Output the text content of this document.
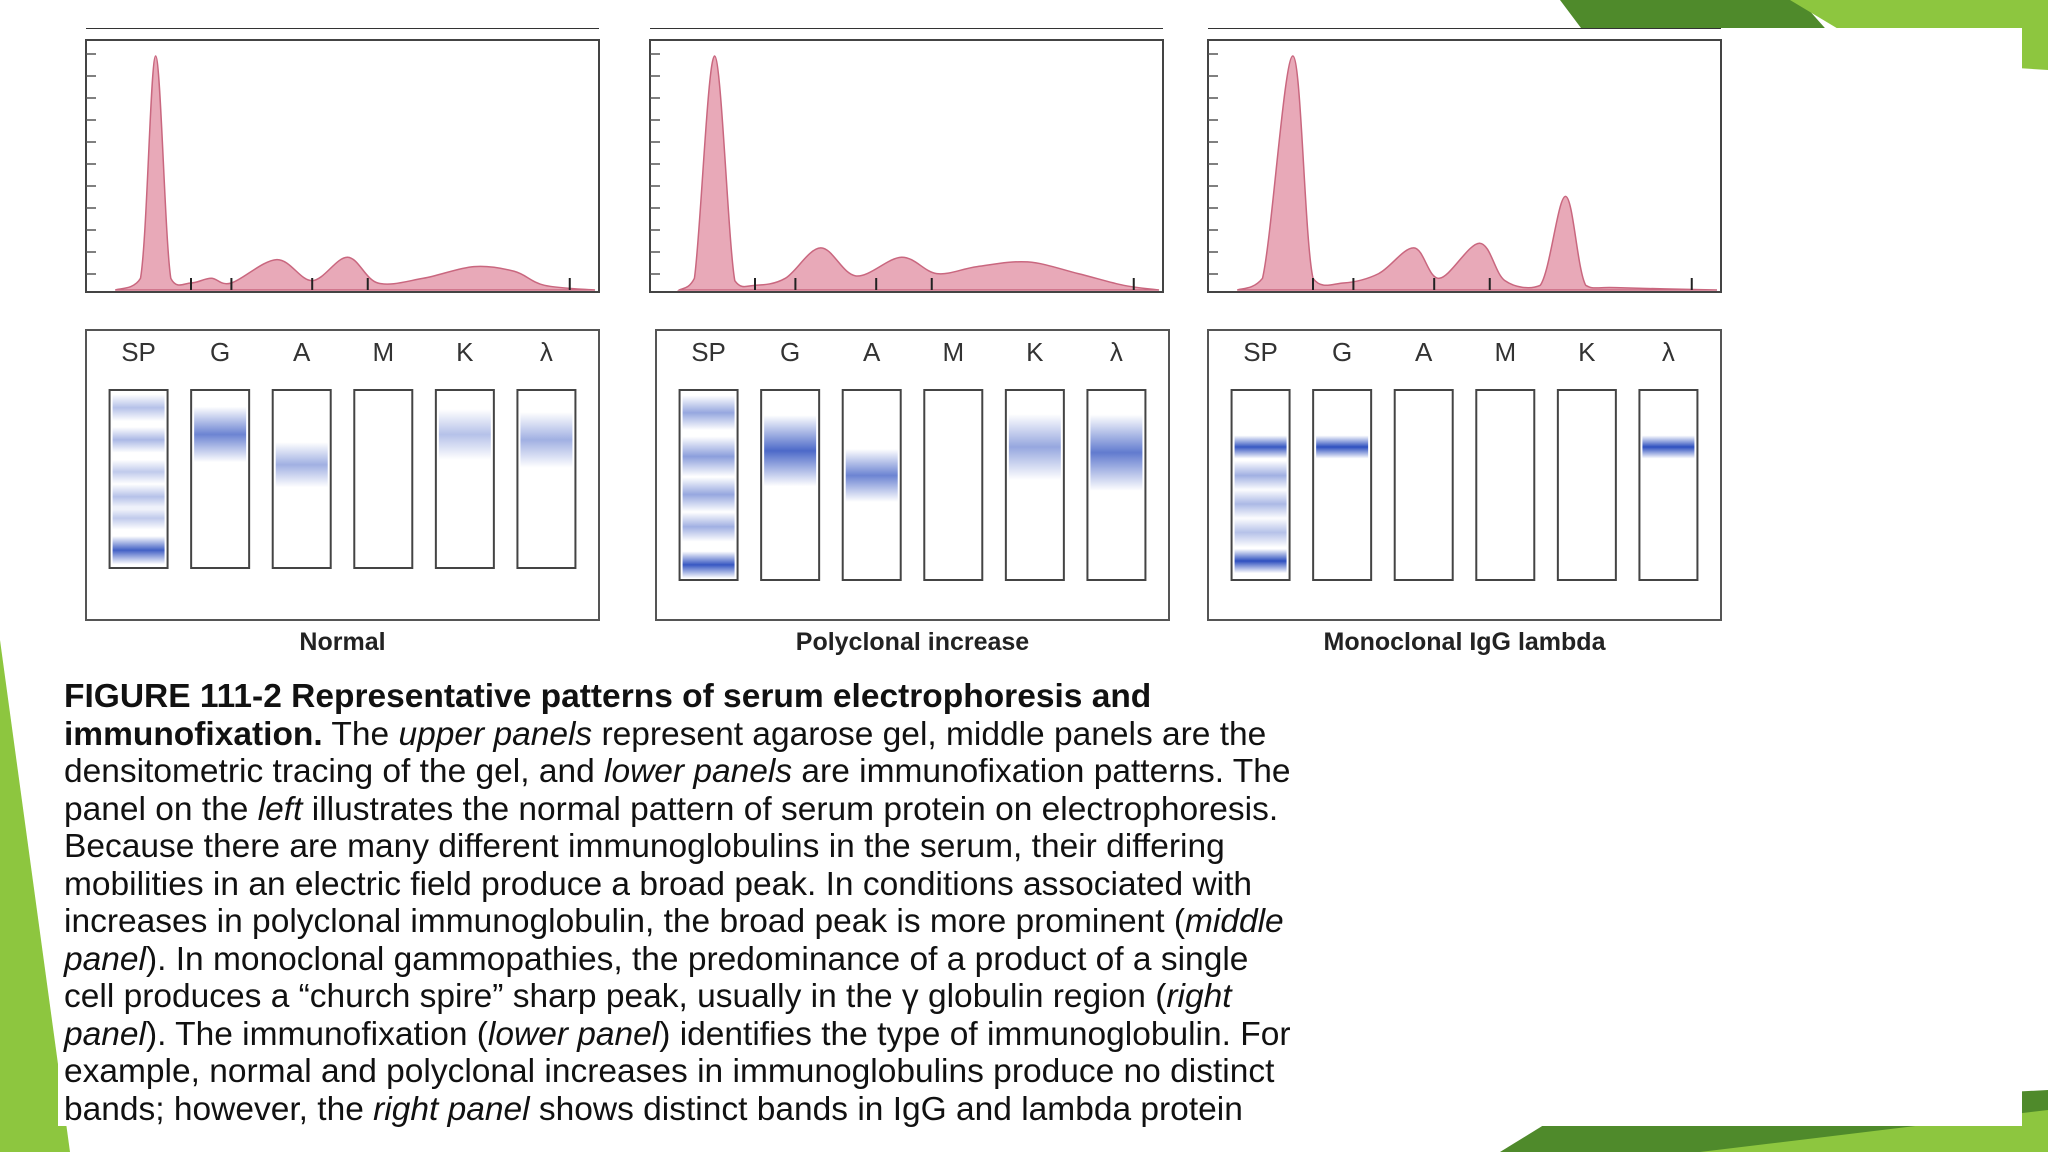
SP G A M K	λ
Normal
SP G A M K	λ
Polyclonal increase
SP G A M K	λ
Monoclonal IgG lambda
FIGURE 111-2 Representative patterns of serum electrophoresis and
immunofixation. The upper panels represent agarose gel, middle panels are the
densitometric tracing of the gel, and lower panels are immunofixation patterns. The
panel on the left illustrates the normal pattern of serum protein on electrophoresis.
Because there are many different immunoglobulins in the serum, their differing
mobilities in an electric field produce a broad peak. In conditions associated with
increases in polyclonal immunoglobulin, the broad peak is more prominent (middle
panel). In monoclonal gammopathies, the predominance of a product of a single
cell produces a “church spire” sharp peak, usually in the γ globulin region (right
panel). The immunofixation (lower panel) identifies the type of immunoglobulin. For
example, normal and polyclonal increases in immunoglobulins produce no distinct
bands; however, the right panel shows distinct bands in IgG and lambda protein
